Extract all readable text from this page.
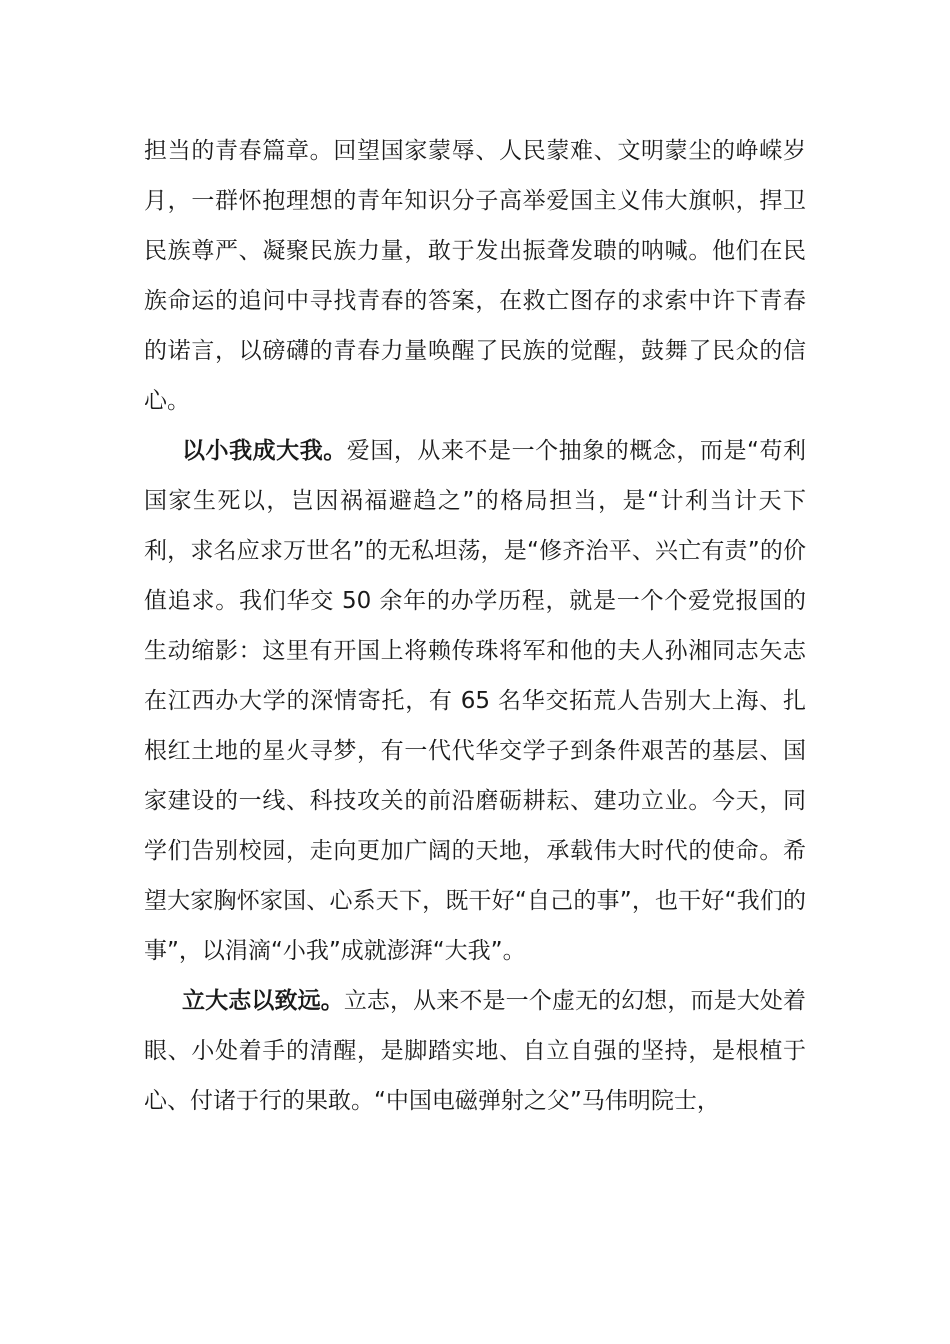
担当的青春篇章。回望国家蒙辱、人民蒙难、文明蒙尘的峥嵘岁月，一群怀抱理想的青年知识分子高举爱国主义伟大旗帜，捍卫民族尊严、凝聚民族力量，敢于发出振聋发聩的呐喊。他们在民族命运的追问中寻找青春的答案，在救亡图存的求索中许下青春的诺言，以磅礴的青春力量唤醒了民族的觉醒，鼓舞了民众的信心。

以小我成大我。爱国，从来不是一个抽象的概念，而是“苟利国家生死以，岂因祸福避趋之”的格局担当，是“计利当计天下利，求名应求万世名”的无私坦荡，是“修齐治平、兴亡有责”的价值追求。我们华交 50 余年的办学历程，就是一个个爱党报国的生动缩影：这里有开国上将赖传珠将军和他的夫人孙湘同志矢志在江西办大学的深情寄托，有 65 名华交拓荒人告别大上海、扎根红土地的星火寻梦，有一代代华交学子到条件艰苦的基层、国家建设的一线、科技攻关的前沿磨砺耕耘、建功立业。今天，同学们告别校园，走向更加广阔的天地，承载伟大时代的使命。希望大家胸怀家国、心系天下，既干好“自己的事”，也干好“我们的事”，以涓滴“小我”成就澎湃“大我”。

立大志以致远。立志，从来不是一个虚无的幻想，而是大处着眼、小处着手的清醒，是脚踏实地、自立自强的坚持，是根植于心、付诸于行的果敢。“中国电磁弹射之父”马伟明院士，
